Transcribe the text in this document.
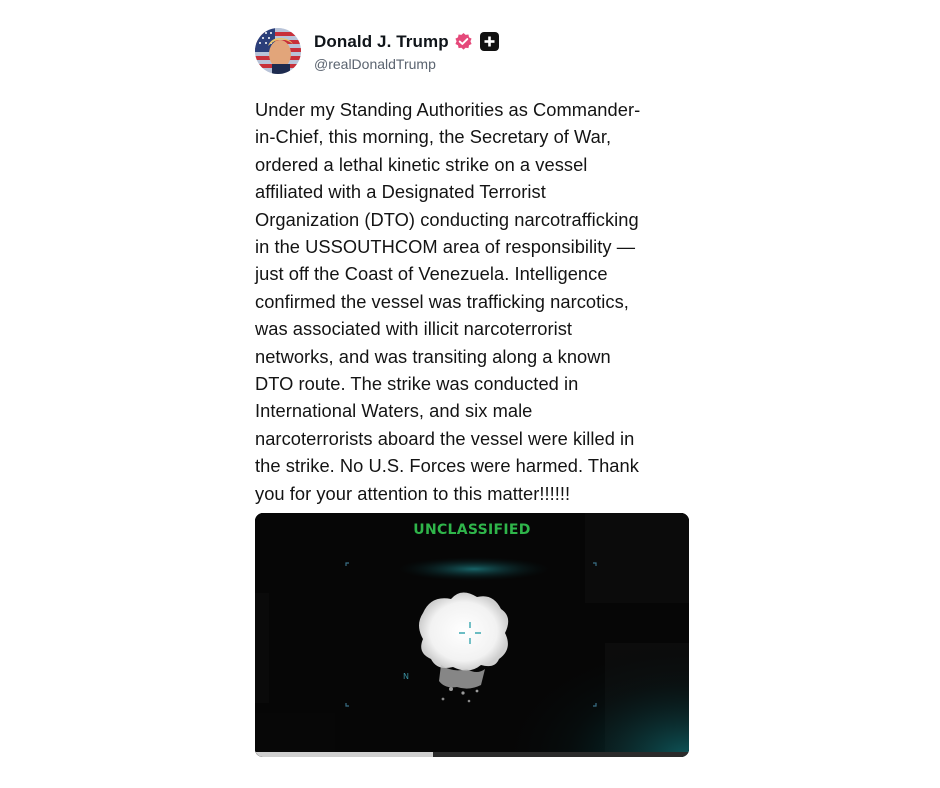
Donald J. Trump
@realDonaldTrump
Under my Standing Authorities as Commander-
in-Chief, this morning, the Secretary of War,
ordered a lethal kinetic strike on a vessel
affiliated with a Designated Terrorist
Organization (DTO) conducting narcotrafficking
in the USSOUTHCOM area of responsibility —
just off the Coast of Venezuela. Intelligence
confirmed the vessel was trafficking narcotics,
was associated with illicit narcoterrorist
networks, and was transiting along a known
DTO route. The strike was conducted in
International Waters, and six male
narcoterrorists aboard the vessel were killed in
the strike. No U.S. Forces were harmed. Thank
you for your attention to this matter!!!!!!
N
UNCLASSIFIED
